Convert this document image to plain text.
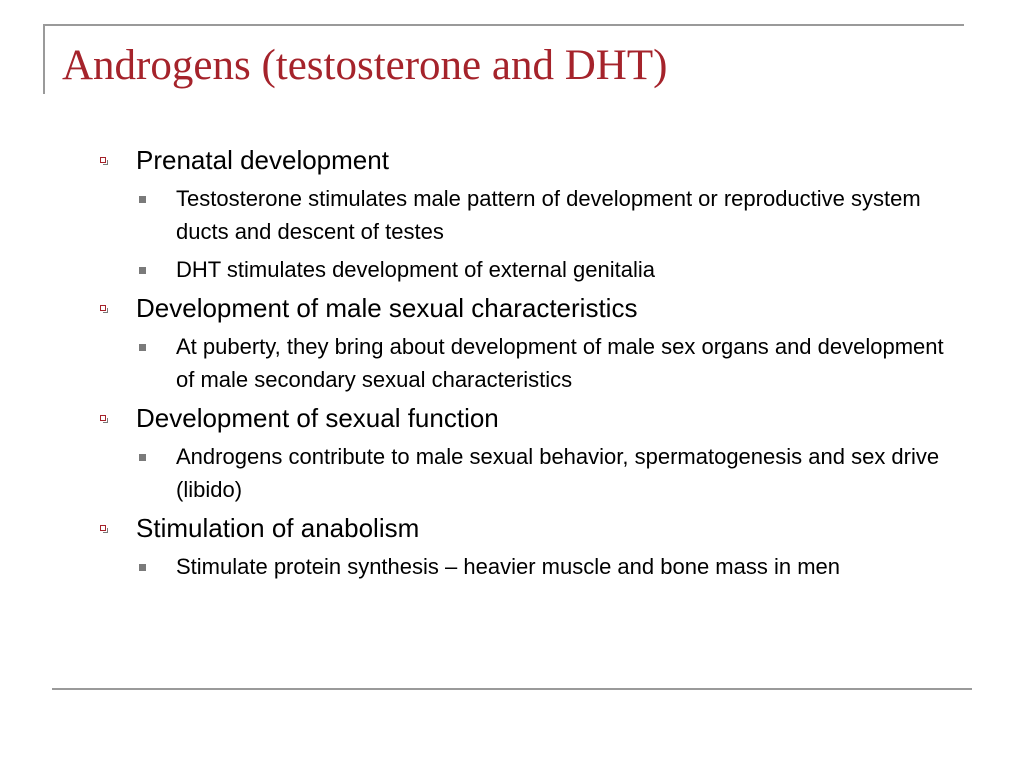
Androgens (testosterone and DHT)
Prenatal development
Testosterone stimulates male pattern of development or reproductive system ducts and descent of testes
DHT stimulates development of external genitalia
Development of male sexual characteristics
At puberty, they bring about development of male sex organs and development of male secondary sexual characteristics
Development of sexual function
Androgens contribute to male sexual behavior, spermatogenesis and sex drive (libido)
Stimulation of anabolism
Stimulate protein synthesis – heavier muscle and bone mass in men
